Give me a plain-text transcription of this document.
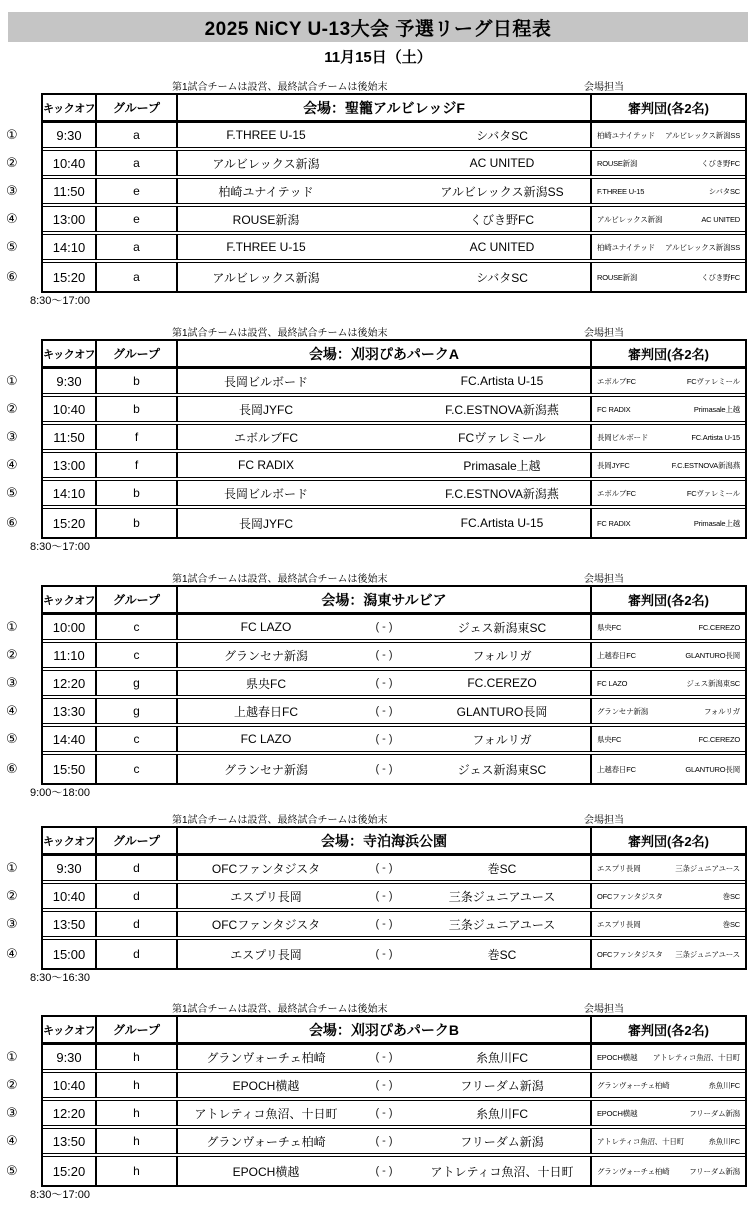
2025 NiCY U-13大会 予選リーグ日程表
11月15日（土）
第1試合チームは設営、最終試合チームは後始末	会場担当
キックオフ	グループ	会場：聖籠アルビレッジF	審判団(各2名)
①	9:30	a	F.THREE U-15	シバタSC	柏崎ユナイテッド アルビレックス新潟SS
②	10:40	a	アルビレックス新潟	AC UNITED	ROUSE新潟	くびき野FC
③	11:50	e	柏崎ユナイテッド	アルビレックス新潟SS	F.THREE U-15	シバタSC
④	13:00	e	ROUSE新潟	くびき野FC	アルビレックス新潟	AC UNITED
⑤	14:10	a	F.THREE U-15	AC UNITED	柏崎ユナイテッド アルビレックス新潟SS
⑥	15:20	a	アルビレックス新潟	シバタSC	ROUSE新潟	くびき野FC
8:30～17:00
第1試合チームは設営、最終試合チームは後始末	会場担当
キックオフ	グループ	会場：刈羽ぴあパークA	審判団(各2名)
①	9:30	b	長岡ビルボード	FC.Artista U-15	エボルブFC	FCヴァレミール
②	10:40	b	長岡JYFC	F.C.ESTNOVA新潟燕	FC RADIX	Primasale上越
③	11:50	f	エボルブFC	FCヴァレミール	長岡ビルボード	FC.Artista U-15
④	13:00	f	FC RADIX	Primasale上越	長岡JYFC	F.C.ESTNOVA新潟燕
⑤	14:10	b	長岡ビルボード	F.C.ESTNOVA新潟燕	エボルブFC	FCヴァレミール
⑥	15:20	b	長岡JYFC	FC.Artista U-15	FC RADIX	Primasale上越
8:30～17:00
第1試合チームは設営、最終試合チームは後始末	会場担当
キックオフ	グループ	会場：潟東サルビア	審判団(各2名)
①	10:00	c	FC LAZO	( - )	ジェス新潟東SC	県央FC	FC.CEREZO
②	11:10	c	グランセナ新潟	( - )	フォルリガ	上越春日FC	GLANTURO長岡
③	12:20	g	県央FC	( - )	FC.CEREZO	FC LAZO	ジェス新潟東SC
④	13:30	g	上越春日FC	( - )	GLANTURO長岡	グランセナ新潟	フォルリガ
⑤	14:40	c	FC LAZO	( - )	フォルリガ	県央FC	FC.CEREZO
⑥	15:50	c	グランセナ新潟	( - )	ジェス新潟東SC	上越春日FC	GLANTURO長岡
9:00～18:00
第1試合チームは設営、最終試合チームは後始末	会場担当
キックオフ	グループ	会場：寺泊海浜公園	審判団(各2名)
①	9:30	d	OFCファンタジスタ	( - )	巻SC	エスプリ長岡	三条ジュニアユース
②	10:40	d	エスプリ長岡	( - )	三条ジュニアユース	OFCファンタジスタ	巻SC
③	13:50	d	OFCファンタジスタ	( - )	三条ジュニアユース	エスプリ長岡	巻SC
④	15:00	d	エスプリ長岡	( - )	巻SC	OFCファンタジスタ 三条ジュニアユース
8:30～16:30
第1試合チームは設営、最終試合チームは後始末	会場担当
キックオフ	グループ	会場：刈羽ぴあパークB	審判団(各2名)
①	9:30	h	グランヴォーチェ柏崎	( - )	糸魚川FC	EPOCH横越 アトレティコ魚沼、十日町
②	10:40	h	EPOCH横越	( - )	フリーダム新潟	グランヴォーチェ柏崎	糸魚川FC
③	12:20	h	アトレティコ魚沼、十日町	( - )	糸魚川FC	EPOCH横越	フリーダム新潟
④	13:50	h	グランヴォーチェ柏崎	( - )	フリーダム新潟	アトレティコ魚沼、十日町	糸魚川FC
⑤	15:20	h	EPOCH横越	( - )	アトレティコ魚沼、十日町	グランヴォーチェ柏崎	フリーダム新潟
8:30～17:00
